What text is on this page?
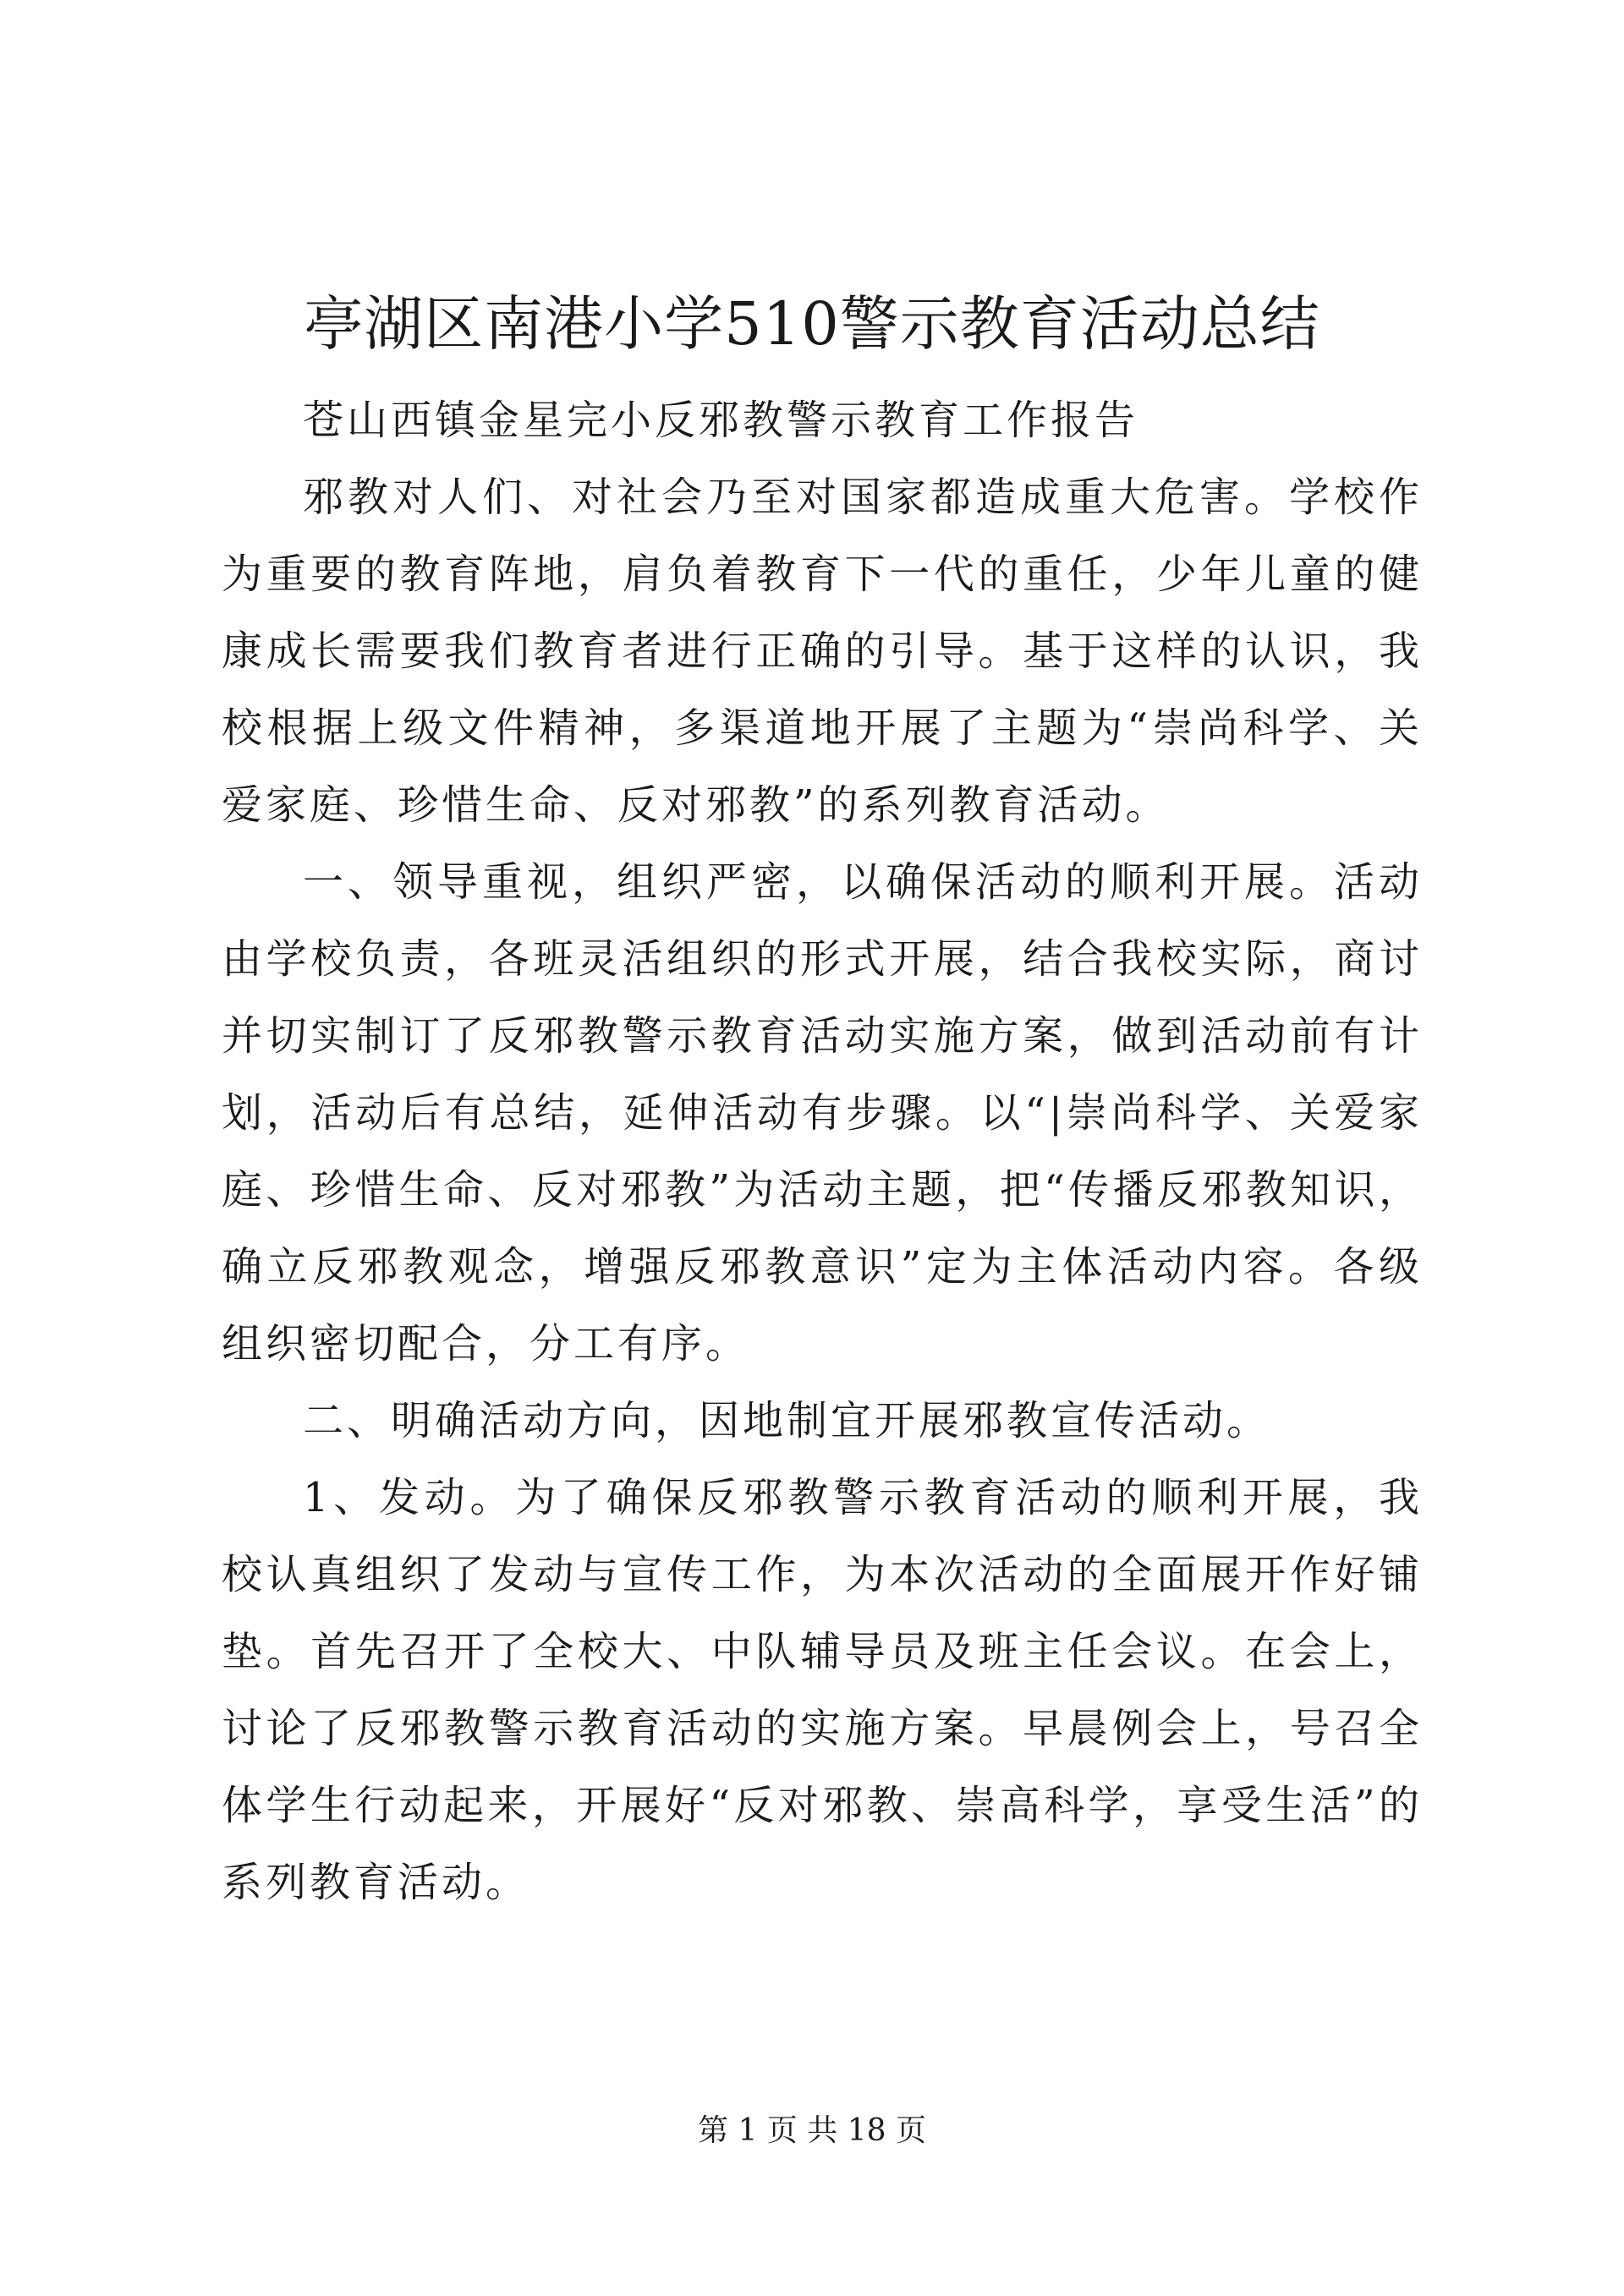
亭湖区南港小学510警示教育活动总结

苍山西镇金星完小反邪教警示教育工作报告

邪教对人们、对社会乃至对国家都造成重大危害。学校作为重要的教育阵地，肩负着教育下一代的重任，少年儿童的健康成长需要我们教育者进行正确的引导。基于这样的认识，我校根据上级文件精神，多渠道地开展了主题为“崇尚科学、关爱家庭、珍惜生命、反对邪教”的系列教育活动。

一、领导重视，组织严密，以确保活动的顺利开展。活动由学校负责，各班灵活组织的形式开展，结合我校实际，商讨并切实制订了反邪教警示教育活动实施方案，做到活动前有计划，活动后有总结，延伸活动有步骤。以“|崇尚科学、关爱家庭、珍惜生命、反对邪教”为活动主题，把“传播反邪教知识，确立反邪教观念，增强反邪教意识”定为主体活动内容。各级组织密切配合，分工有序。

二、明确活动方向，因地制宜开展邪教宣传活动。

1、发动。为了确保反邪教警示教育活动的顺利开展，我校认真组织了发动与宣传工作，为本次活动的全面展开作好铺垫。首先召开了全校大、中队辅导员及班主任会议。在会上，讨论了反邪教警示教育活动的实施方案。早晨例会上，号召全体学生行动起来，开展好“反对邪教、崇高科学，享受生活”的系列教育活动。

第 1 页 共 18 页
